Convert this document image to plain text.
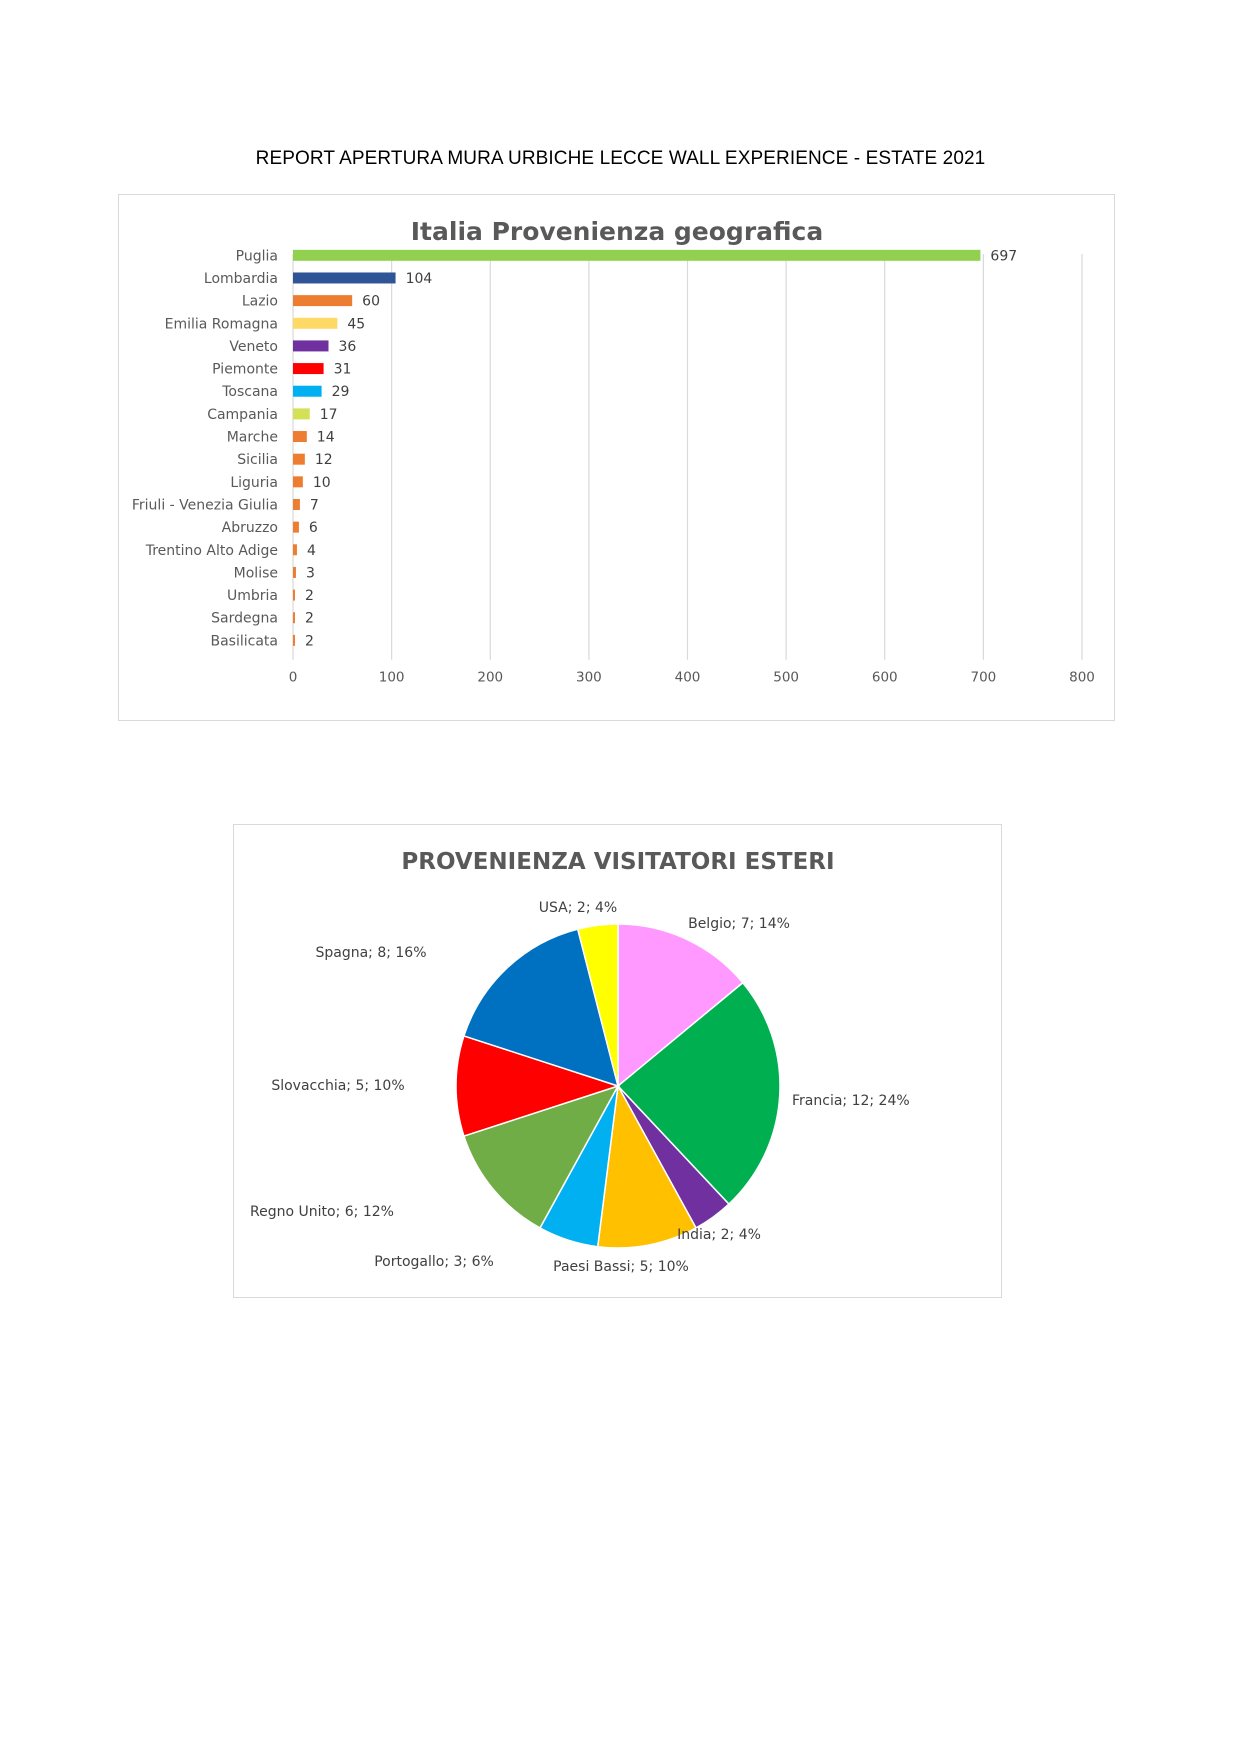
REPORT APERTURA MURA URBICHE LECCE WALL EXPERIENCE - ESTATE 2021
Italia Provenienza geografica
Puglia
Lombardia
Lazio
Emilia Romagna
Veneto
Piemonte
Toscana
Campania
Marche
Sicilia
Liguria
Friuli - Venezia Giulia
Abruzzo
Trentino Alto Adige
Molise
Umbria
Sardegna
Basilicata
697
104
60
45
36
31
29
17
14
12
10
7
6
4
3
2
2
2
0	100	200	300	400	500	600	700	800
PROVENIENZA VISITATORI ESTERI
Belgio; 7; 14%
Francia; 12; 24%
India; 2; 4%
Paesi Bassi; 5; 10%
Portogallo; 3; 6%
Regno Unito; 6; 12%
Slovacchia; 5; 10%
Spagna; 8; 16%
USA; 2; 4%
